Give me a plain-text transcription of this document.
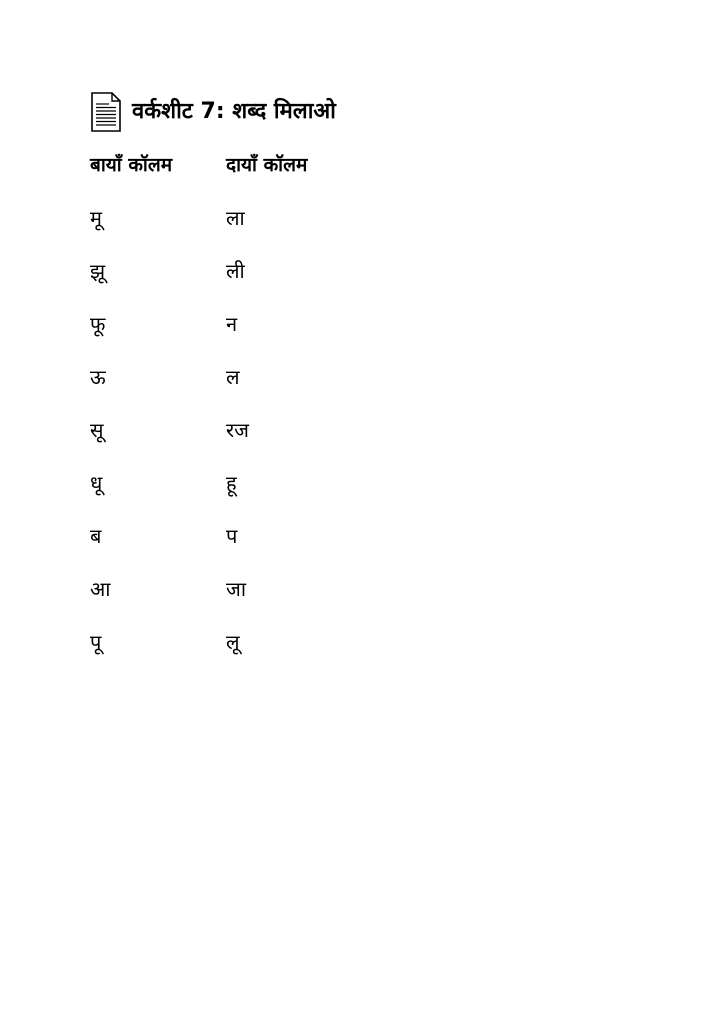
वर्कशीट 7: शब्द मिलाओ
बायाँ कॉलम	दायाँ कॉलम
मू	ला
झू	ली
फू	न
ऊ	ल
सू	रज
धू	हू
ब	प
आ	जा
पू	लू
